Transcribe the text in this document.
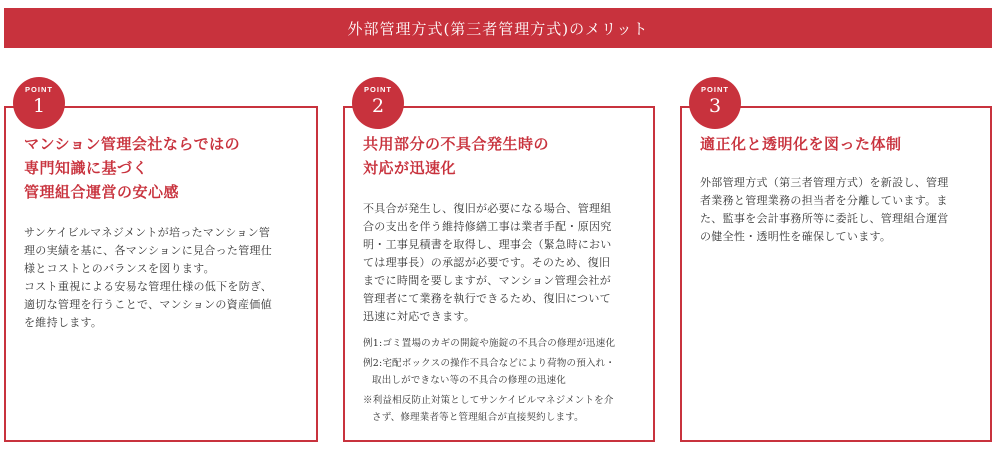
外部管理方式(第三者管理方式)のメリット
POINT
1
マンション管理会社ならではの
専門知識に基づく
管理組合運営の安心感
サンケイビルマネジメントが培ったマンション管
理の実績を基に、各マンションに見合った管理仕
様とコストとのバランスを図ります。
コスト重視による安易な管理仕様の低下を防ぎ、
適切な管理を行うことで、マンションの資産価値
を維持します。
POINT
2
共用部分の不具合発生時の
対応が迅速化
不具合が発生し、復旧が必要になる場合、管理組
合の支出を伴う維持修繕工事は業者手配・原因究
明・工事見積書を取得し、理事会（緊急時におい
ては理事長）の承認が必要です。そのため、復旧
までに時間を要しますが、マンション管理会社が
管理者にて業務を執行できるため、復旧について
迅速に対応できます。
例1:ゴミ置場のカギの開錠や施錠の不具合の修理が迅速化
例2:宅配ボックスの操作不具合などにより荷物の預入れ・
取出しができない等の不具合の修理の迅速化
※利益相反防止対策としてサンケイビルマネジメントを介
さず、修理業者等と管理組合が直接契約します。
POINT
3
適正化と透明化を図った体制
外部管理方式（第三者管理方式）を新設し、管理
者業務と管理業務の担当者を分離しています。ま
た、監事を会計事務所等に委託し、管理組合運営
の健全性・透明性を確保しています。
